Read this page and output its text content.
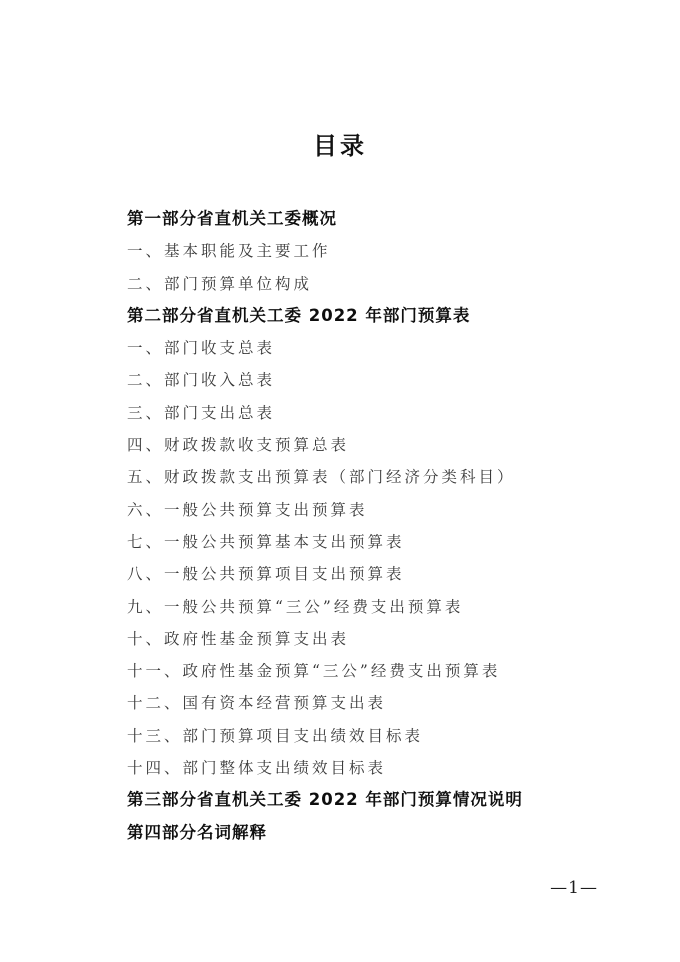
目录
第一部分省直机关工委概况
一、基本职能及主要工作
二、部门预算单位构成
第二部分省直机关工委 2022 年部门预算表
一、部门收支总表
二、部门收入总表
三、部门支出总表
四、财政拨款收支预算总表
五、财政拨款支出预算表（部门经济分类科目）
六、一般公共预算支出预算表
七、一般公共预算基本支出预算表
八、一般公共预算项目支出预算表
九、一般公共预算“三公”经费支出预算表
十、政府性基金预算支出表
十一、政府性基金预算“三公”经费支出预算表
十二、国有资本经营预算支出表
十三、部门预算项目支出绩效目标表
十四、部门整体支出绩效目标表
第三部分省直机关工委 2022 年部门预算情况说明
第四部分名词解释
—1—
